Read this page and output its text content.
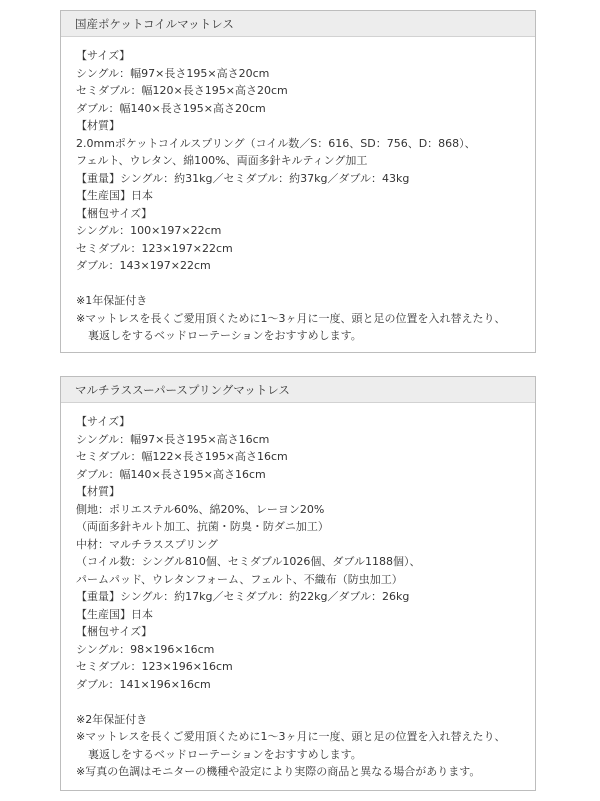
国産ポケットコイルマットレス
【サイズ】
シングル：幅97×長さ195×高さ20cm
セミダブル：幅120×長さ195×高さ20cm
ダブル：幅140×長さ195×高さ20cm
【材質】
2.0mmポケットコイルスプリング（コイル数／S：616、SD：756、D：868）、
フェルト、ウレタン、綿100%、両面多針キルティング加工
【重量】シングル：約31kg／セミダブル：約37kg／ダブル：43kg
【生産国】日本
【梱包サイズ】
シングル：100×197×22cm
セミダブル：123×197×22cm
ダブル：143×197×22cm
※1年保証付き
※マットレスを長くご愛用頂くために1～3ヶ月に一度、頭と足の位置を入れ替えたり、
裏返しをするベッドローテーションをおすすめします。
マルチラススーパースプリングマットレス
【サイズ】
シングル：幅97×長さ195×高さ16cm
セミダブル：幅122×長さ195×高さ16cm
ダブル：幅140×長さ195×高さ16cm
【材質】
側地：ポリエステル60%、綿20%、レーヨン20%
（両面多針キルト加工、抗菌・防臭・防ダニ加工）
中材：マルチラススプリング
（コイル数：シングル810個、セミダブル1026個、ダブル1188個）、
パームパッド、ウレタンフォーム、フェルト、不織布（防虫加工）
【重量】シングル：約17kg／セミダブル：約22kg／ダブル：26kg
【生産国】日本
【梱包サイズ】
シングル：98×196×16cm
セミダブル：123×196×16cm
ダブル：141×196×16cm
※2年保証付き
※マットレスを長くご愛用頂くために1～3ヶ月に一度、頭と足の位置を入れ替えたり、
裏返しをするベッドローテーションをおすすめします。
※写真の色調はモニターの機種や設定により実際の商品と異なる場合があります。
